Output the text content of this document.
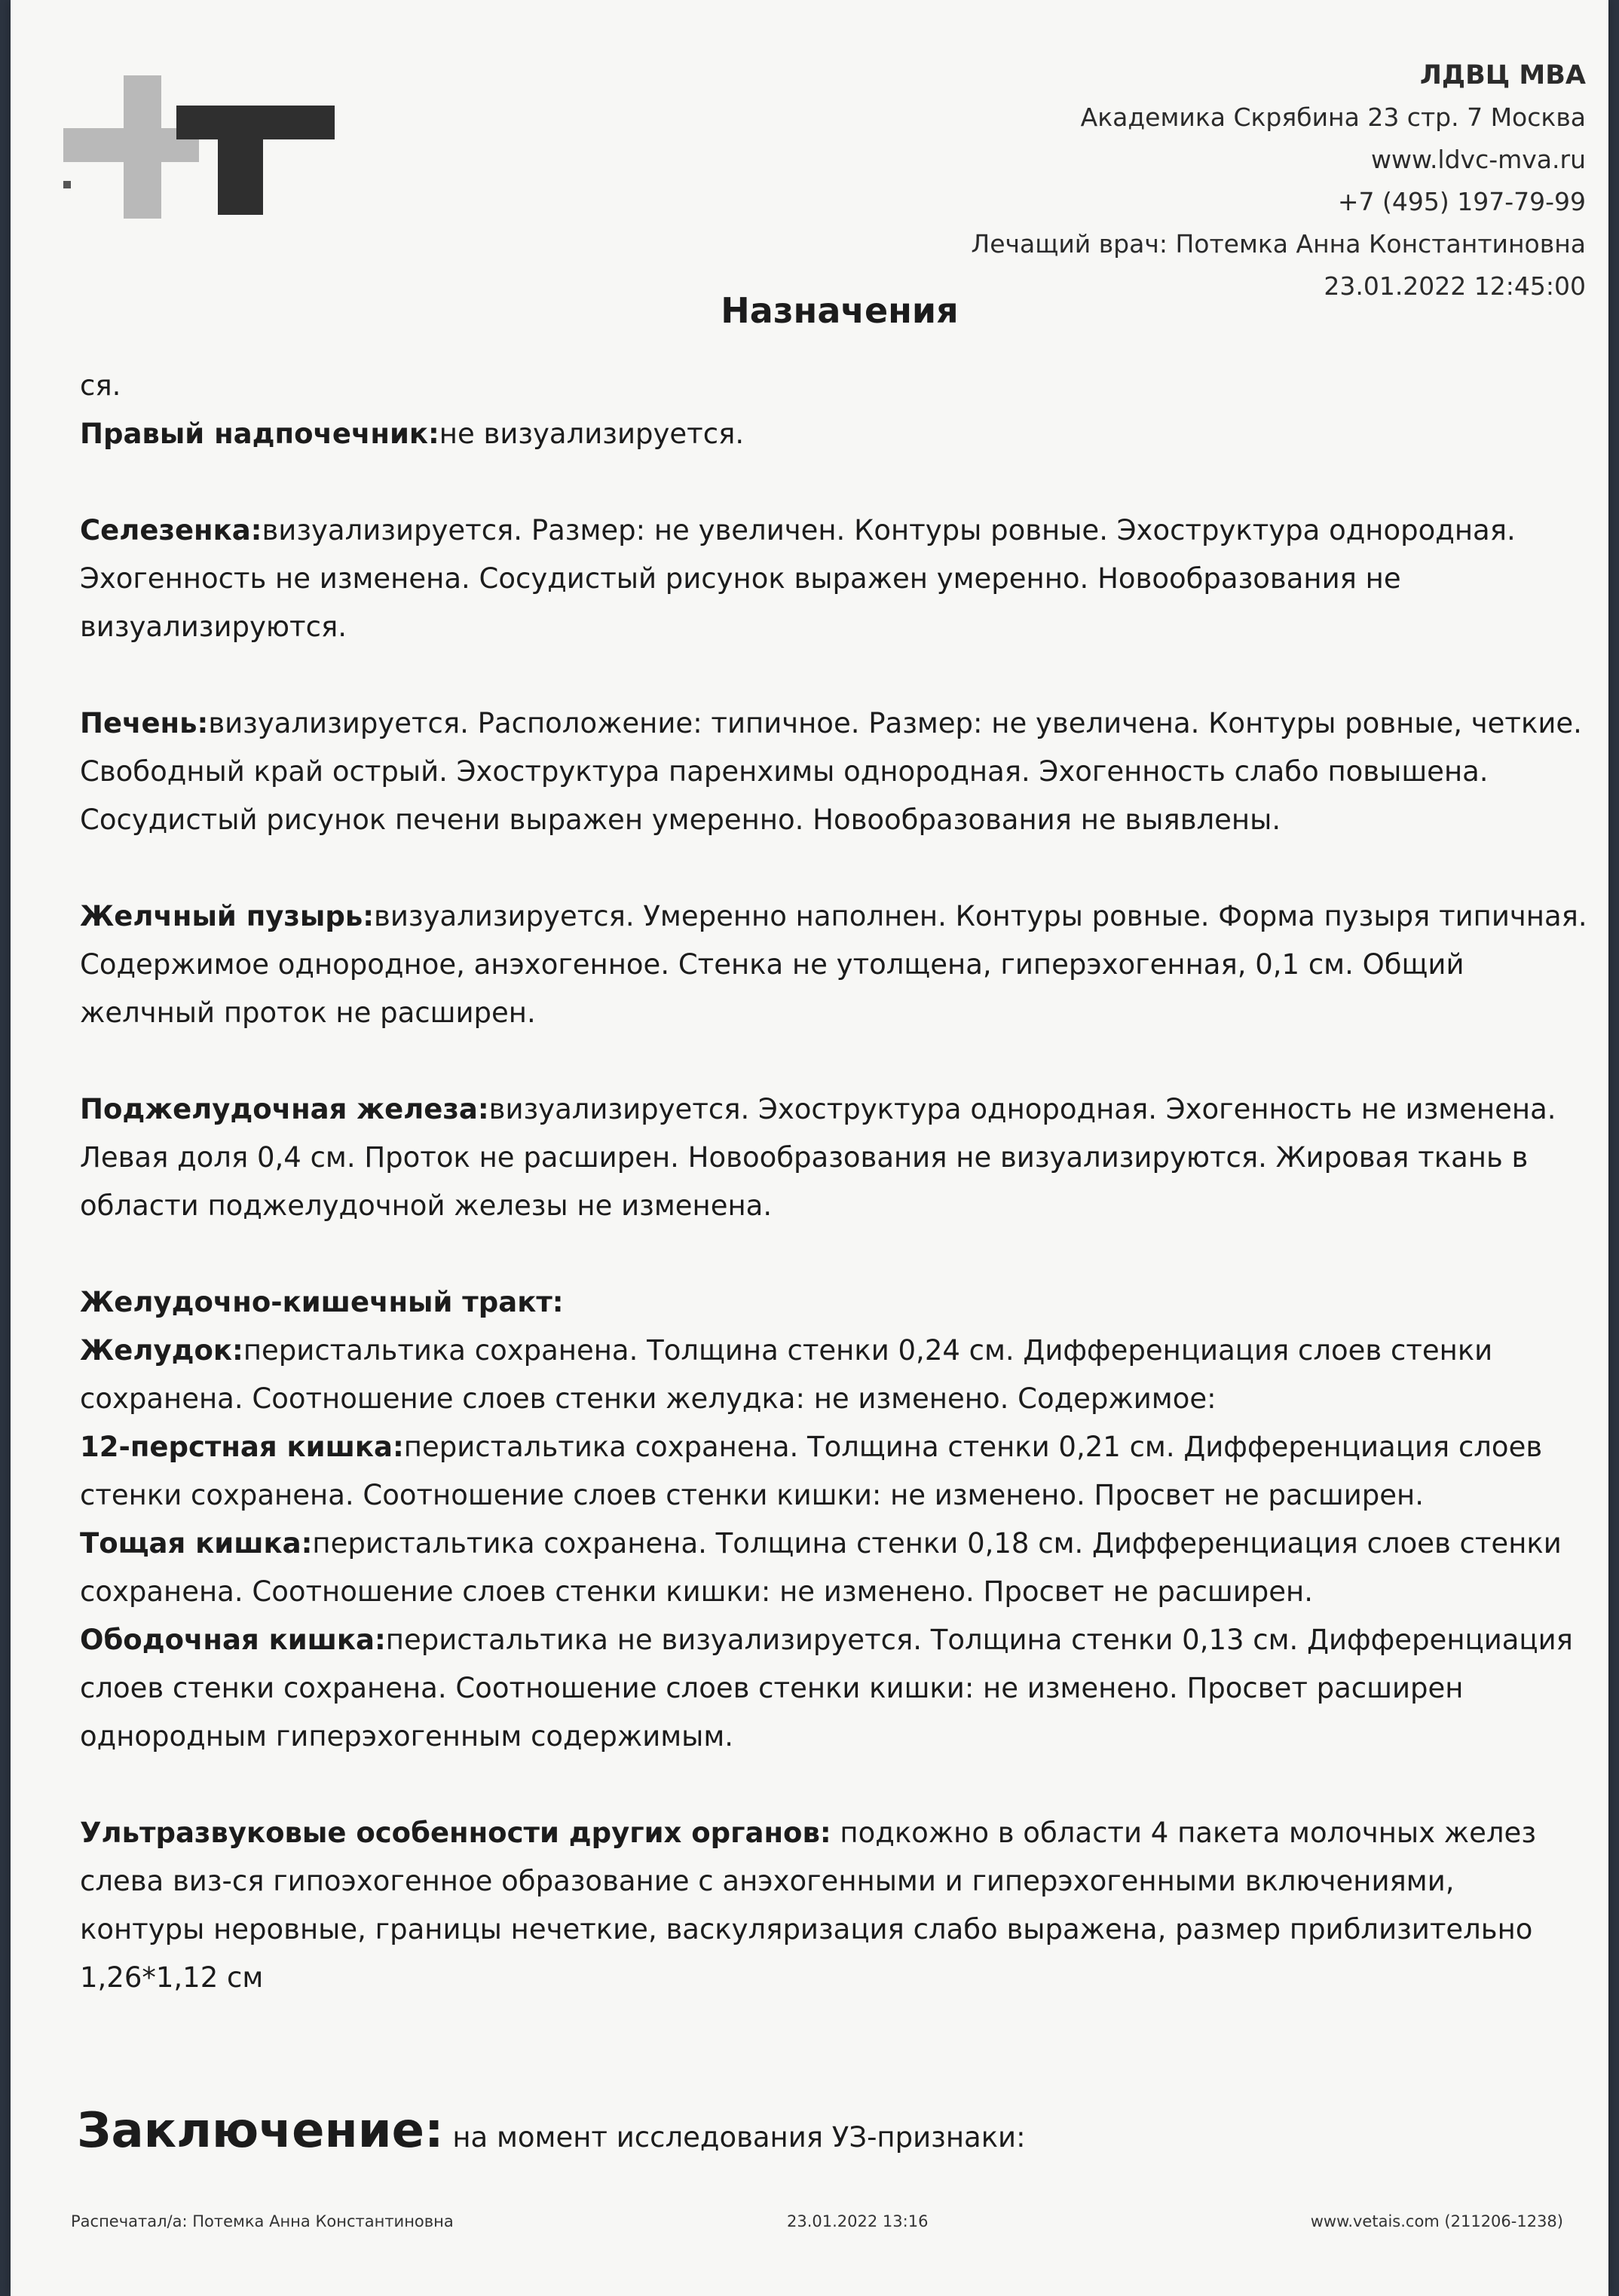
ЛДВЦ МВА
Академика Скрябина 23 стр. 7 Москва
www.ldvc-mva.ru
+7 (495) 197-79-99
Лечащий врач: Потемка Анна Константиновна
23.01.2022 12:45:00
Назначения

ся.

Правый надпочечник:не визуализируется.

Селезенка:визуализируется. Размер: не увеличен. Контуры ровные. Эхоструктура однородная. Эхогенность не изменена. Сосудистый рисунок выражен умеренно. Новообразования не визуализируются.

Печень:визуализируется. Расположение: типичное. Размер: не увеличена. Контуры ровные, четкие. Свободный край острый. Эхоструктура паренхимы однородная. Эхогенность слабо повышена. Сосудистый рисунок печени выражен умеренно. Новообразования не выявлены.

Желчный пузырь:визуализируется. Умеренно наполнен. Контуры ровные. Форма пузыря типичная. Содержимое однородное, анэхогенное. Стенка не утолщена, гиперэхогенная, 0,1 см. Общий желчный проток не расширен.

Поджелудочная железа:визуализируется. Эхоструктура однородная. Эхогенность не изменена. Левая доля 0,4 см. Проток не расширен. Новообразования не визуализируются. Жировая ткань в области поджелудочной железы не изменена.

Желудочно-кишечный тракт:

Желудок:перистальтика сохранена. Толщина стенки 0,24 см. Дифференциация слоев стенки сохранена. Соотношение слоев стенки желудка: не изменено. Содержимое:

12-перстная кишка:перистальтика сохранена. Толщина стенки 0,21 см. Дифференциация слоев стенки сохранена. Соотношение слоев стенки кишки: не изменено. Просвет не расширен.

Тощая кишка:перистальтика сохранена. Толщина стенки 0,18 см. Дифференциация слоев стенки сохранена. Соотношение слоев стенки кишки: не изменено. Просвет не расширен.

Ободочная кишка:перистальтика не визуализируется. Толщина стенки 0,13 см. Дифференциация слоев стенки сохранена. Соотношение слоев стенки кишки: не изменено. Просвет расширен однородным гиперэхогенным содержимым.

Ультразвуковые особенности других органов: подкожно в области 4 пакета молочных желез слева виз-ся гипоэхогенное образование с анэхогенными и гиперэхогенными включениями, контуры неровные, границы нечеткие, васкуляризация слабо выражена, размер приблизительно 1,26*1,12 см

Заключение: на момент исследования УЗ-признаки:
Распечатал/а: Потемка Анна Константиновна	23.01.2022 13:16	www.vetais.com (211206-1238)
